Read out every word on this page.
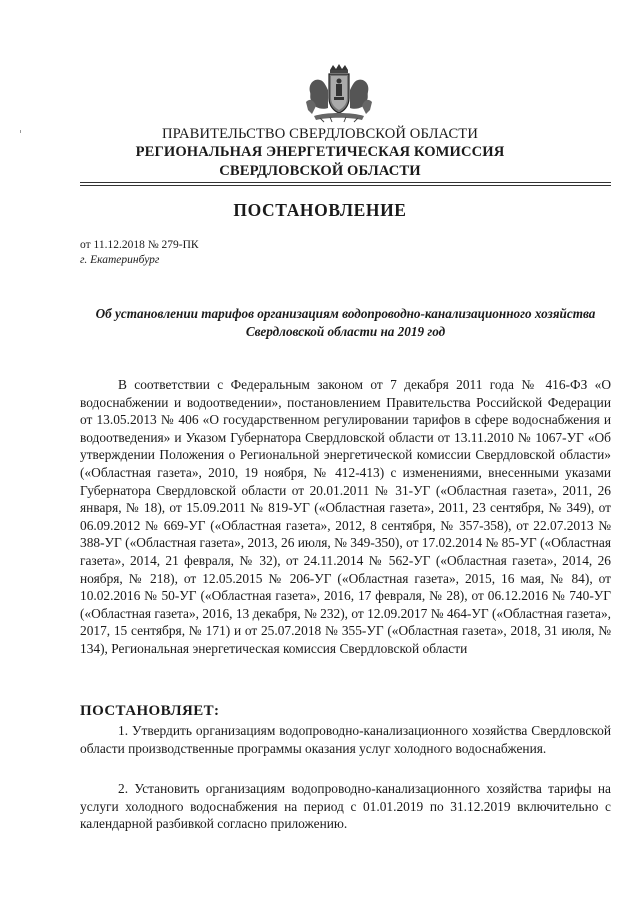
ПРАВИТЕЛЬСТВО СВЕРДЛОВСКОЙ ОБЛАСТИ
РЕГИОНАЛЬНАЯ ЭНЕРГЕТИЧЕСКАЯ КОМИССИЯ
СВЕРДЛОВСКОЙ ОБЛАСТИ
ПОСТАНОВЛЕНИЕ
от 11.12.2018 № 279-ПК
г. Екатеринбург
Об установлении тарифов организациям водопроводно-канализационного хозяйства Свердловской области на 2019 год
В соответствии с Федеральным законом от 7 декабря 2011 года № 416-ФЗ «О водоснабжении и водоотведении», постановлением Правительства Российской Федерации от 13.05.2013 № 406 «О государственном регулировании тарифов в сфере водоснабжения и водоотведения» и Указом Губернатора Свердловской области от 13.11.2010 № 1067-УГ «Об утверждении Положения о Региональной энергетической комиссии Свердловской области» («Областная газета», 2010, 19 ноября, № 412-413) с изменениями, внесенными указами Губернатора Свердловской области от 20.01.2011 № 31-УГ («Областная газета», 2011, 26 января, № 18), от 15.09.2011 № 819-УГ («Областная газета», 2011, 23 сентября, № 349), от 06.09.2012 № 669-УГ («Областная газета», 2012, 8 сентября, № 357-358), от 22.07.2013 № 388-УГ («Областная газета», 2013, 26 июля, № 349-350), от 17.02.2014 № 85-УГ («Областная газета», 2014, 21 февраля, № 32), от 24.11.2014 № 562-УГ («Областная газета», 2014, 26 ноября, № 218), от 12.05.2015 № 206-УГ («Областная газета», 2015, 16 мая, № 84), от 10.02.2016 № 50-УГ («Областная газета», 2016, 17 февраля, № 28), от 06.12.2016 № 740-УГ («Областная газета», 2016, 13 декабря, № 232), от 12.09.2017 № 464-УГ («Областная газета», 2017, 15 сентября, № 171) и от 25.07.2018 № 355-УГ («Областная газета», 2018, 31 июля, № 134), Региональная энергетическая комиссия Свердловской области
ПОСТАНОВЛЯЕТ:
1. Утвердить организациям водопроводно-канализационного хозяйства Свердловской области производственные программы оказания услуг холодного водоснабжения.
2. Установить организациям водопроводно-канализационного хозяйства тарифы на услуги холодного водоснабжения на период с 01.01.2019 по 31.12.2019 включительно с календарной разбивкой согласно приложению.
